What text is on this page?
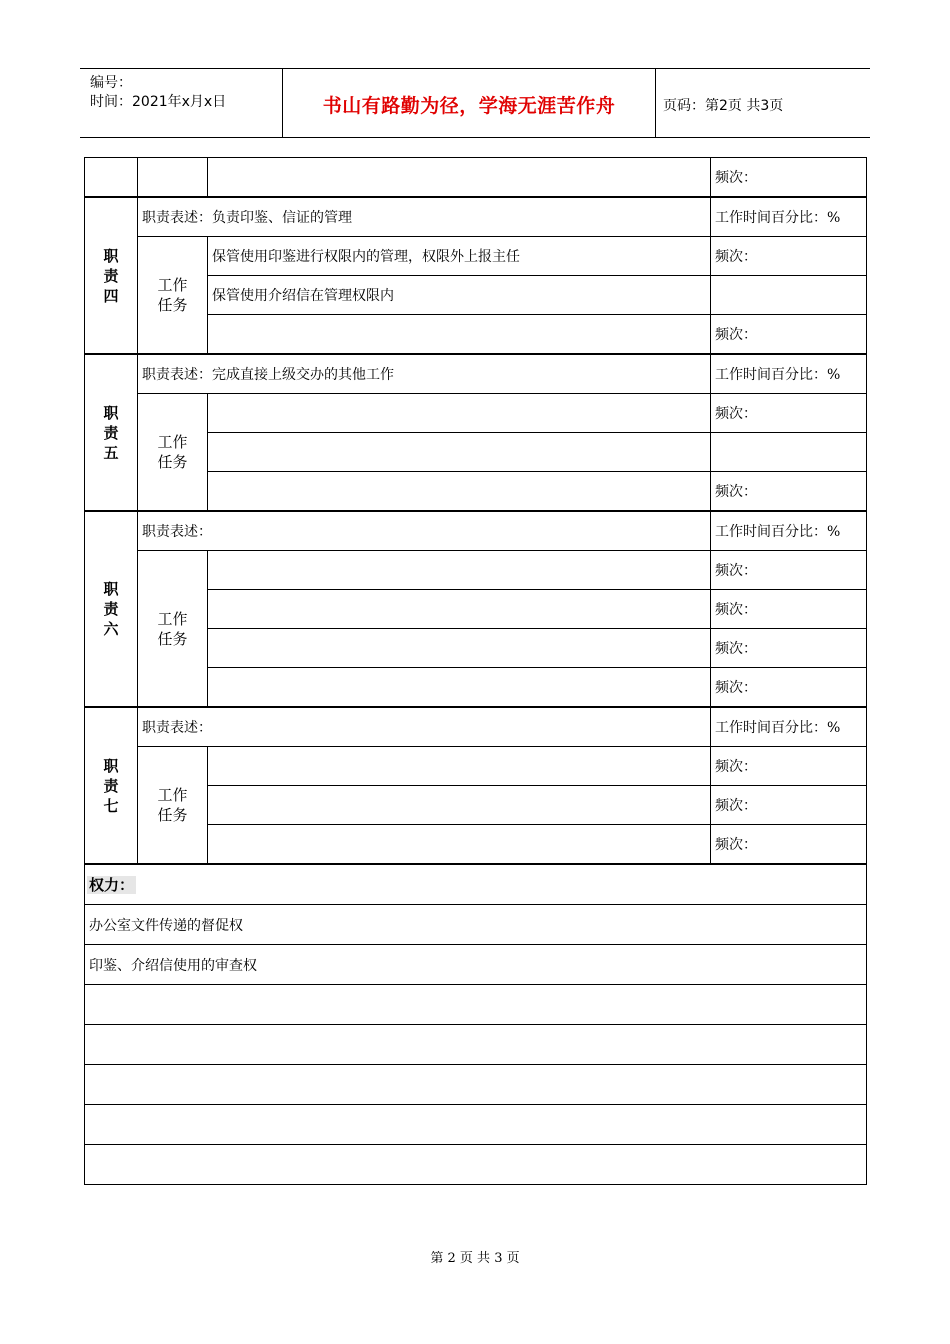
编号：
时间：2021年x月x日	书山有路勤为径，学海无涯苦作舟	页码：第2页 共3页
			频次：
职责四	职责表述：负责印鉴、信证的管理		工作时间百分比：%
	工作任务	保管使用印鉴进行权限内的管理，权限外上报主任	频次：
		保管使用介绍信在管理权限内	
			频次：
职责五	职责表述：完成直接上级交办的其他工作		工作时间百分比：%
	工作任务		频次：

			频次：
职责六	职责表述：		工作时间百分比：%
	工作任务		频次：
			频次：
			频次：
			频次：
职责七	职责表述：		工作时间百分比：%
	工作任务		频次：
			频次：
			频次：
权力：			
办公室文件传递的督促权			
印鉴、介绍信使用的审查权			

第 2 页 共 3 页
